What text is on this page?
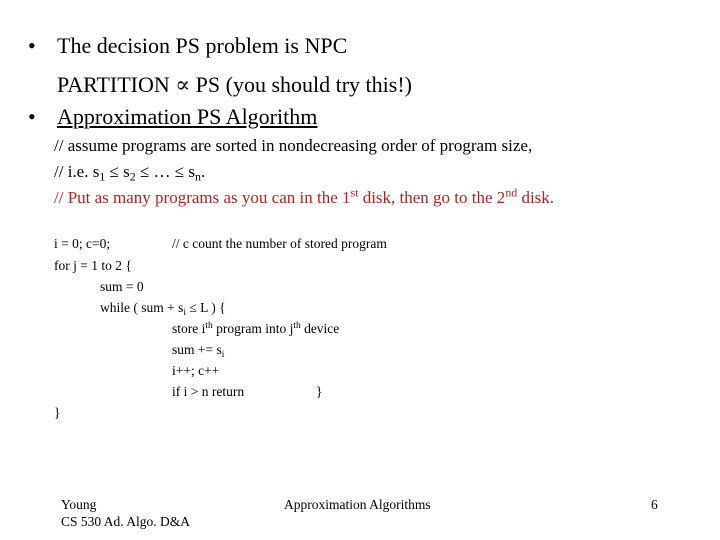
• The decision PS problem is NPC
PARTITION ∝ PS (you should try this!)
• Approximation PS Algorithm
// assume programs are sorted in nondecreasing order of program size,
// i.e. $s_1 \le s_2$ ≤ … ≤ $s_n$.
// Put as many programs as you can in the 1st disk, then go to the 2nd disk.
i = 0; c=0;	// c count the number of stored program
for j = 1 to 2 {
sum = 0
while ( sum + $s_i \le L$ ) {
store $i^{th}$ program into $j^{th}$ device
sum += $s_i$
i++; c++
if i > n return	}
}
Young
CS 530 Ad. Algo. D&A
Approximation Algorithms	6
